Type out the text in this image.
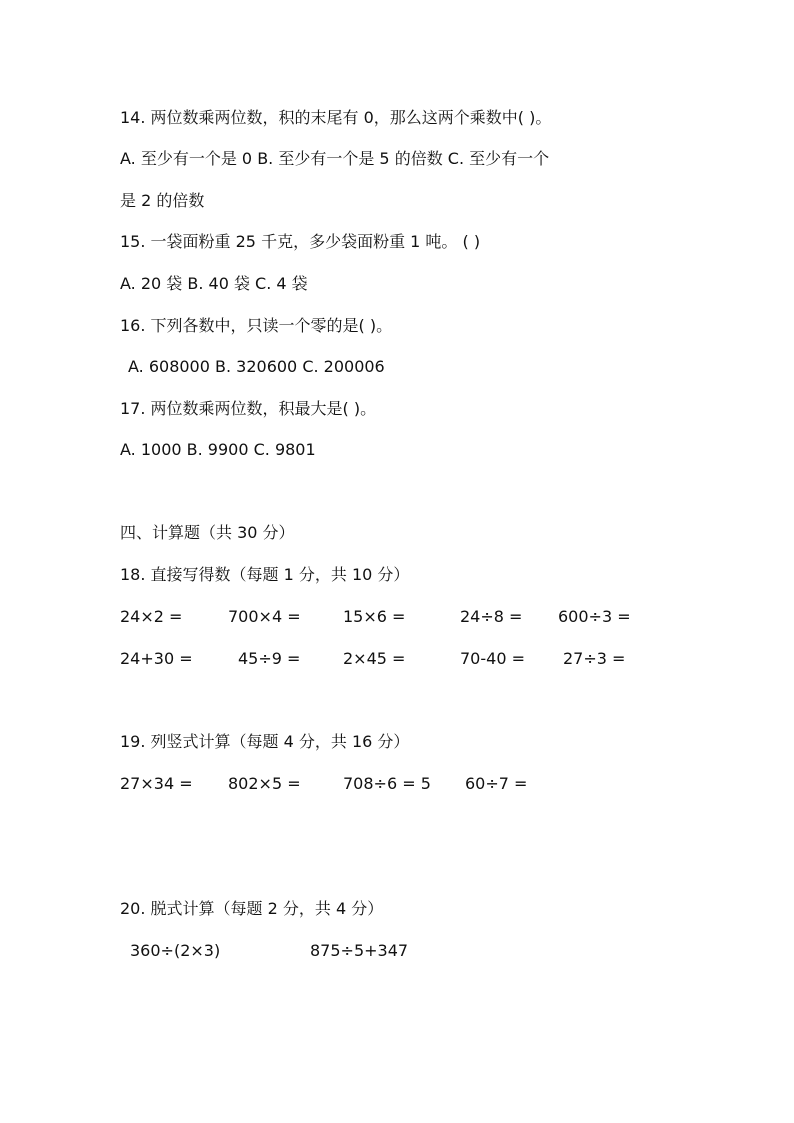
14. 两位数乘两位数，积的末尾有 0，那么这两个乘数中( )。
A. 至少有一个是 0 B. 至少有一个是 5 的倍数 C. 至少有一个
是 2 的倍数
15. 一袋面粉重 25 千克，多少袋面粉重 1 吨。 ( )
A. 20 袋 B. 40 袋 C. 4 袋
16. 下列各数中，只读一个零的是( )。
A. 608000 B. 320600 C. 200006
17. 两位数乘两位数，积最大是( )。
A. 1000 B. 9900 C. 9801
四、计算题（共 30 分）
18. 直接写得数（每题 1 分，共 10 分）
24×2 =	700×4 =	15×6 =	24÷8 = 600÷3 =
24+30 =	45÷9 =	2×45 =	70-40 = 27÷3 =
19. 列竖式计算（每题 4 分，共 16 分）
27×34 = 802×5 =	708÷6 = 5 60÷7 =
20. 脱式计算（每题 2 分，共 4 分）
360÷(2×3)	875÷5+347
